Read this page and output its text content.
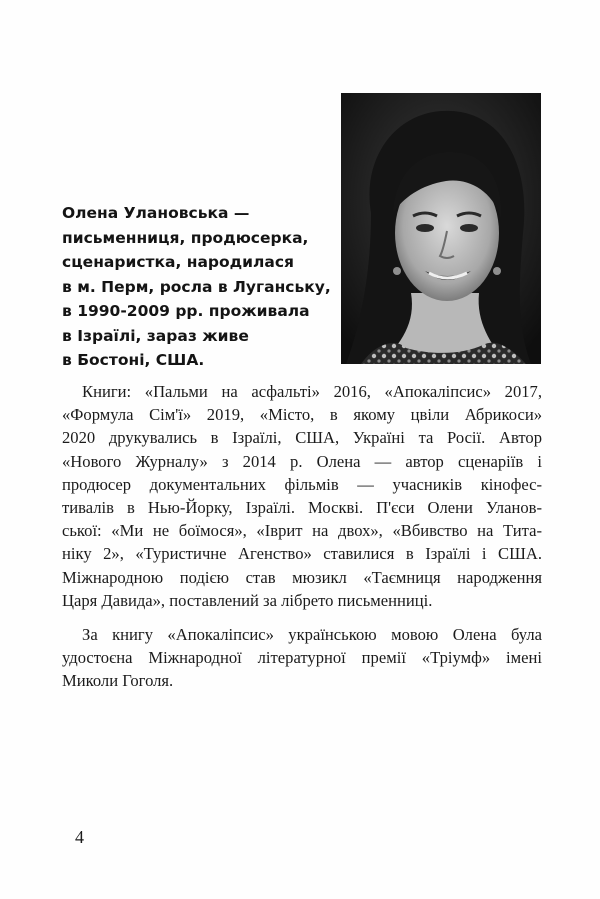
Олена Улановська —
письменниця, продюсерка,
сценаристка, народилася
в м. Перм, росла в Луганську,
в 1990-2009 рр. проживала
в Ізраїлі, зараз живе
в Бостоні, США.
Книги: «Пальми на асфальті» 2016, «Апокаліпсис» 2017,
«Формула Сім'ї» 2019, «Місто, в якому цвіли Абрикоси»
2020 друкувались в Ізраїлі, США, Україні та Росії. Автор
«Нового Журналу» з 2014 р. Олена — автор сценаріїв і
продюсер документальних фільмів — учасників кінофес-
тивалів в Нью-Йорку, Ізраїлі. Москві. П'єси Олени Уланов-
ської: «Ми не боїмося», «Іврит на двох», «Вбивство на Тита-
ніку 2», «Туристичне Агенство» ставилися в Ізраїлі і США.
Міжнародною подією став мюзикл «Таємниця народження
Царя Давида», поставлений за лібрето письменниці.
За книгу «Апокаліпсис» українською мовою Олена була
удостоєна Міжнародної літературної премії «Тріумф» імені
Миколи Гоголя.
4
